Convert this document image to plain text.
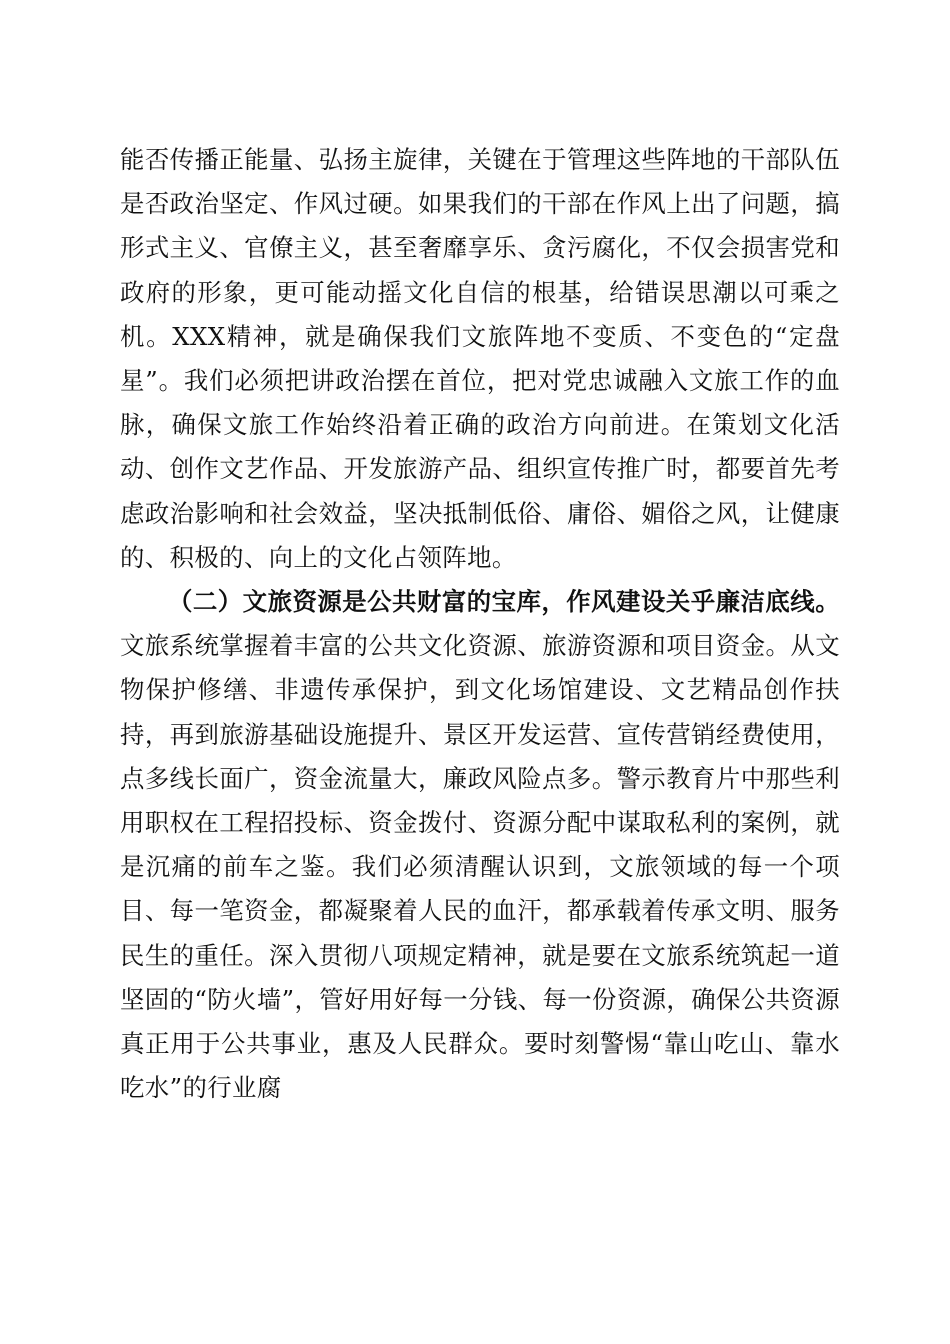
能否传播正能量、弘扬主旋律，关键在于管理这些阵地的干部队伍是否政治坚定、作风过硬。如果我们的干部在作风上出了问题，搞形式主义、官僚主义，甚至奢靡享乐、贪污腐化，不仅会损害党和政府的形象，更可能动摇文化自信的根基，给错误思潮以可乘之机。XXX精神，就是确保我们文旅阵地不变质、不变色的“定盘星”。我们必须把讲政治摆在首位，把对党忠诚融入文旅工作的血脉，确保文旅工作始终沿着正确的政治方向前进。在策划文化活动、创作文艺作品、开发旅游产品、组织宣传推广时，都要首先考虑政治影响和社会效益，坚决抵制低俗、庸俗、媚俗之风，让健康的、积极的、向上的文化占领阵地。

（二）文旅资源是公共财富的宝库，作风建设关乎廉洁底线。文旅系统掌握着丰富的公共文化资源、旅游资源和项目资金。从文物保护修缮、非遗传承保护，到文化场馆建设、文艺精品创作扶持，再到旅游基础设施提升、景区开发运营、宣传营销经费使用，点多线长面广，资金流量大，廉政风险点多。警示教育片中那些利用职权在工程招投标、资金拨付、资源分配中谋取私利的案例，就是沉痛的前车之鉴。我们必须清醒认识到，文旅领域的每一个项目、每一笔资金，都凝聚着人民的血汗，都承载着传承文明、服务民生的重任。深入贯彻八项规定精神，就是要在文旅系统筑起一道坚固的“防火墙”，管好用好每一分钱、每一份资源，确保公共资源真正用于公共事业，惠及人民群众。要时刻警惕“靠山吃山、靠水吃水”的行业腐
